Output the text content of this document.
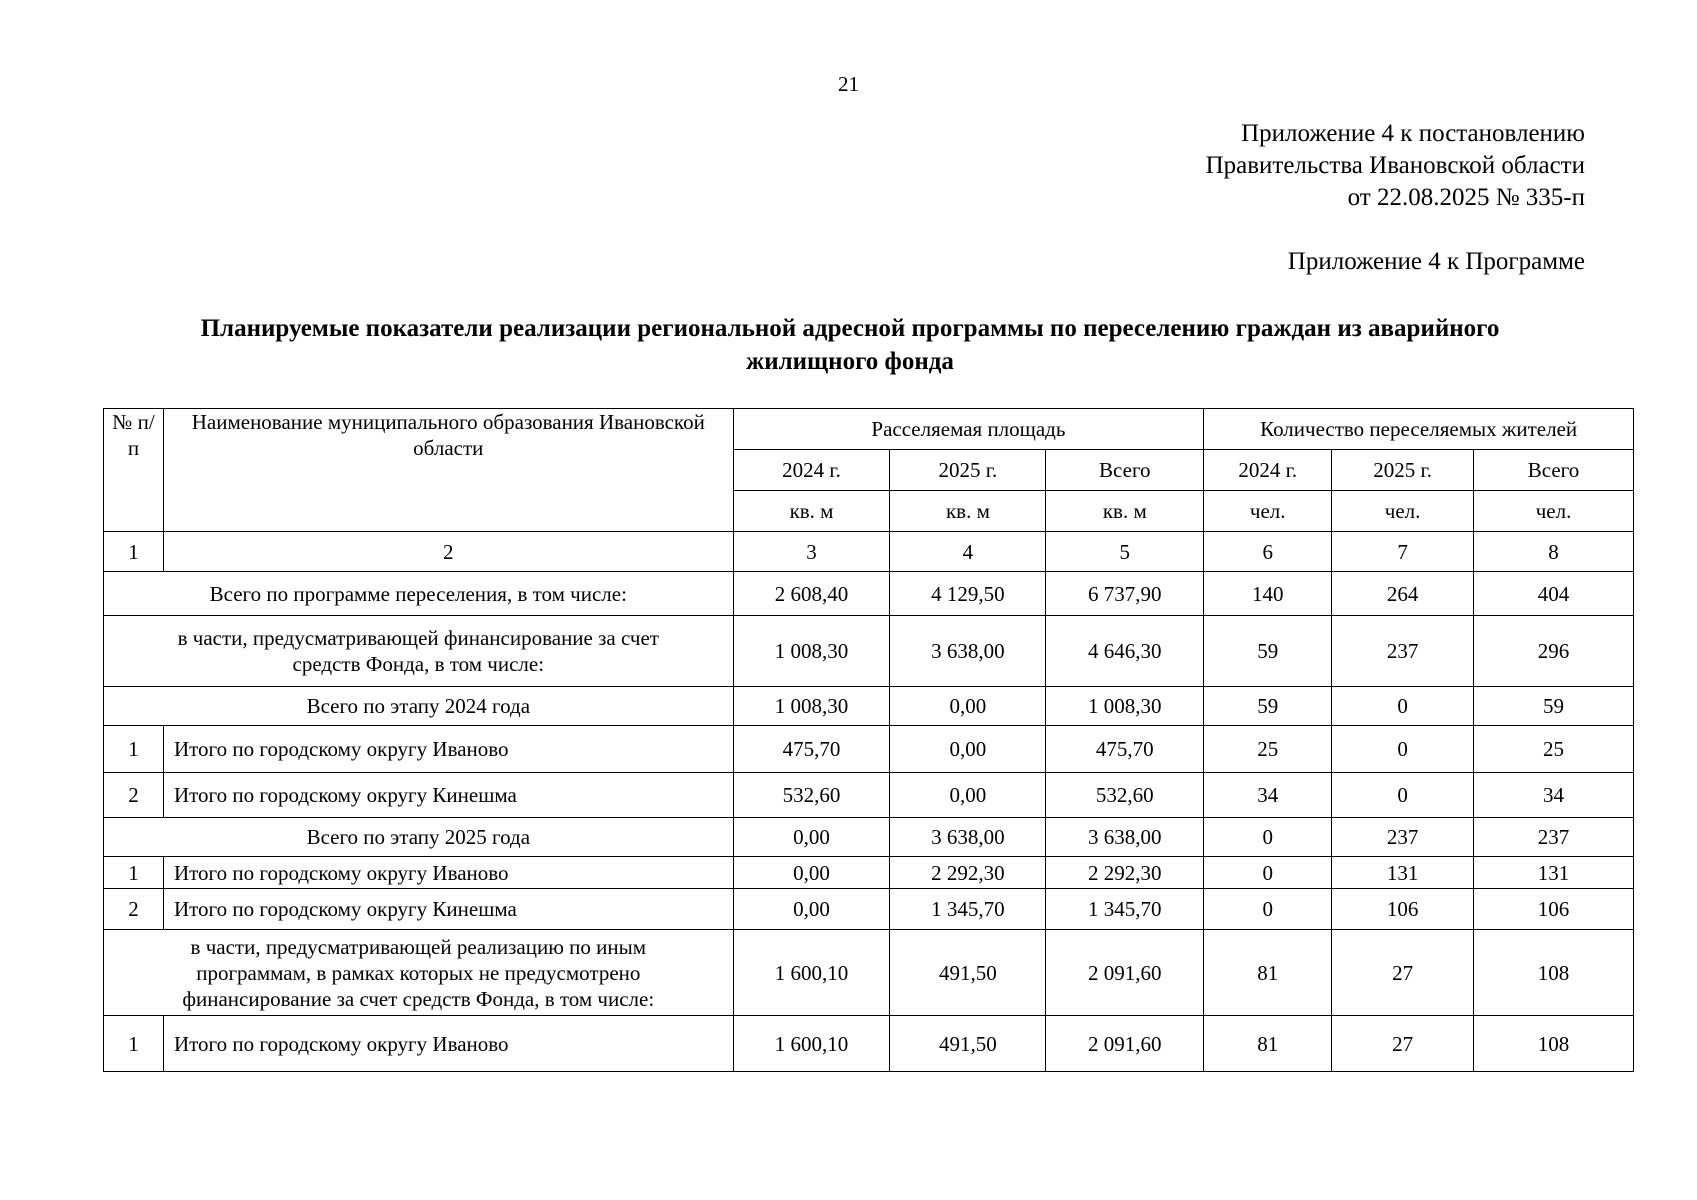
21
Приложение 4 к постановлению
Правительства Ивановской области
от 22.08.2025 № 335-п
Приложение 4 к Программе
Планируемые показатели реализации региональной адресной программы по переселению граждан из аварийного
жилищного фонда
№ п/п	Наименование муниципального образования Ивановской области	Расселяемая площадь			Количество переселяемых жителей		
		2024 г.	2025 г.	Всего	2024 г.	2025 г.	Всего
		кв. м	кв. м	кв. м	чел.	чел.	чел.
1	2	3	4	5	6	7	8
Всего по программе переселения, в том числе:		2 608,40	4 129,50	6 737,90	140	264	404
в части, предусматривающей финансирование за счет средств Фонда, в том числе:		1 008,30	3 638,00	4 646,30	59	237	296
Всего по этапу 2024 года		1 008,30	0,00	1 008,30	59	0	59
1	Итого по городскому округу Иваново	475,70	0,00	475,70	25	0	25
2	Итого по городскому округу Кинешма	532,60	0,00	532,60	34	0	34
Всего по этапу 2025 года		0,00	3 638,00	3 638,00	0	237	237
1	Итого по городскому округу Иваново	0,00	2 292,30	2 292,30	0	131	131
2	Итого по городскому округу Кинешма	0,00	1 345,70	1 345,70	0	106	106
в части, предусматривающей реализацию по иным программам, в рамках которых не предусмотрено финансирование за счет средств Фонда, в том числе:		1 600,10	491,50	2 091,60	81	27	108
1	Итого по городскому округу Иваново	1 600,10	491,50	2 091,60	81	27	108
